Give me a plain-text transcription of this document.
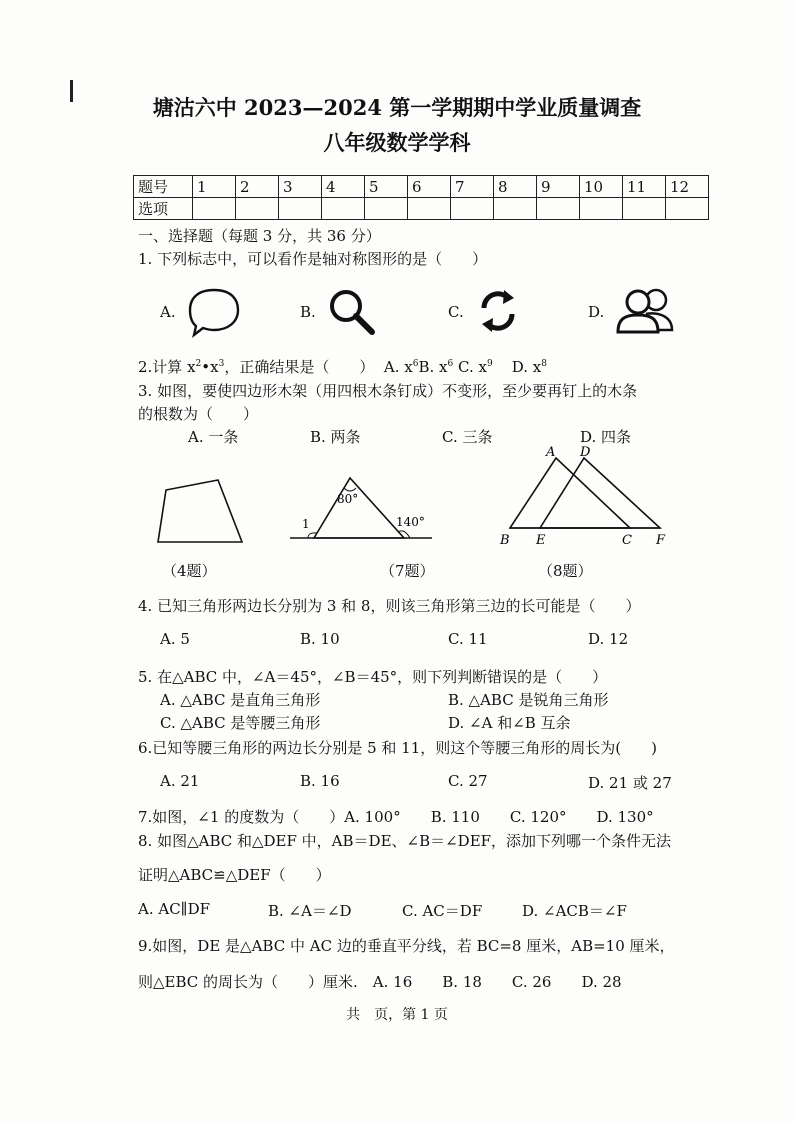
塘沽六中 2023—2024 第一学期期中学业质量调查
八年级数学学科
题号	1	2	3	4	5	6	7	8	9	10	11	12
选项												
一、选择题（每题 3 分，共 36 分）
1. 下列标志中，可以看作是轴对称图形的是（　　）
A.	B.	C.	D.
2.计算 $x^2•x^3$，正确结果是（　　） A. $x^6B$. $x^6$ C. $x^9$ D. $x^8$
3. 如图，要使四边形木架（用四根木条钉成）不变形，至少要再钉上的木条
的根数为（　　）
A. 一条	B. 两条	C. 三条	D. 四条
（4题）
80°
140°
1
（7题）
A D
B E	C F
（8题）
4. 已知三角形两边长分别为 3 和 8，则该三角形第三边的长可能是（　　）
A. 5	B. 10	C. 11	D. 12
5. 在△ABC 中，∠A＝45°，∠B＝45°，则下列判断错误的是（　　）
A. △ABC 是直角三角形	B. △ABC 是锐角三角形
C. △ABC 是等腰三角形	D. ∠A 和∠B 互余
6.已知等腰三角形的两边长分别是 5 和 11，则这个等腰三角形的周长为(　　)
A. 21	B. 16	C. 27	D. 21 或 27
7.如图，∠1 的度数为（　　）A. 100°　　B. 110　　C. 120°　　D. 130°
8. 如图△ABC 和△DEF 中，AB＝DE、∠B＝∠DEF，添加下列哪一个条件无法
证明△ABC≌△DEF（　　）
A. AC∥DF	B. ∠A＝∠D	C. AC＝DF	D. ∠ACB＝∠F
9.如图，DE 是△ABC 中 AC 边的垂直平分线，若 BC=8 厘米，AB=10 厘米，
则△EBC 的周长为（　　）厘米.　A. 16　　B. 18　　C. 26　　D. 28
共　页，第 1 页
